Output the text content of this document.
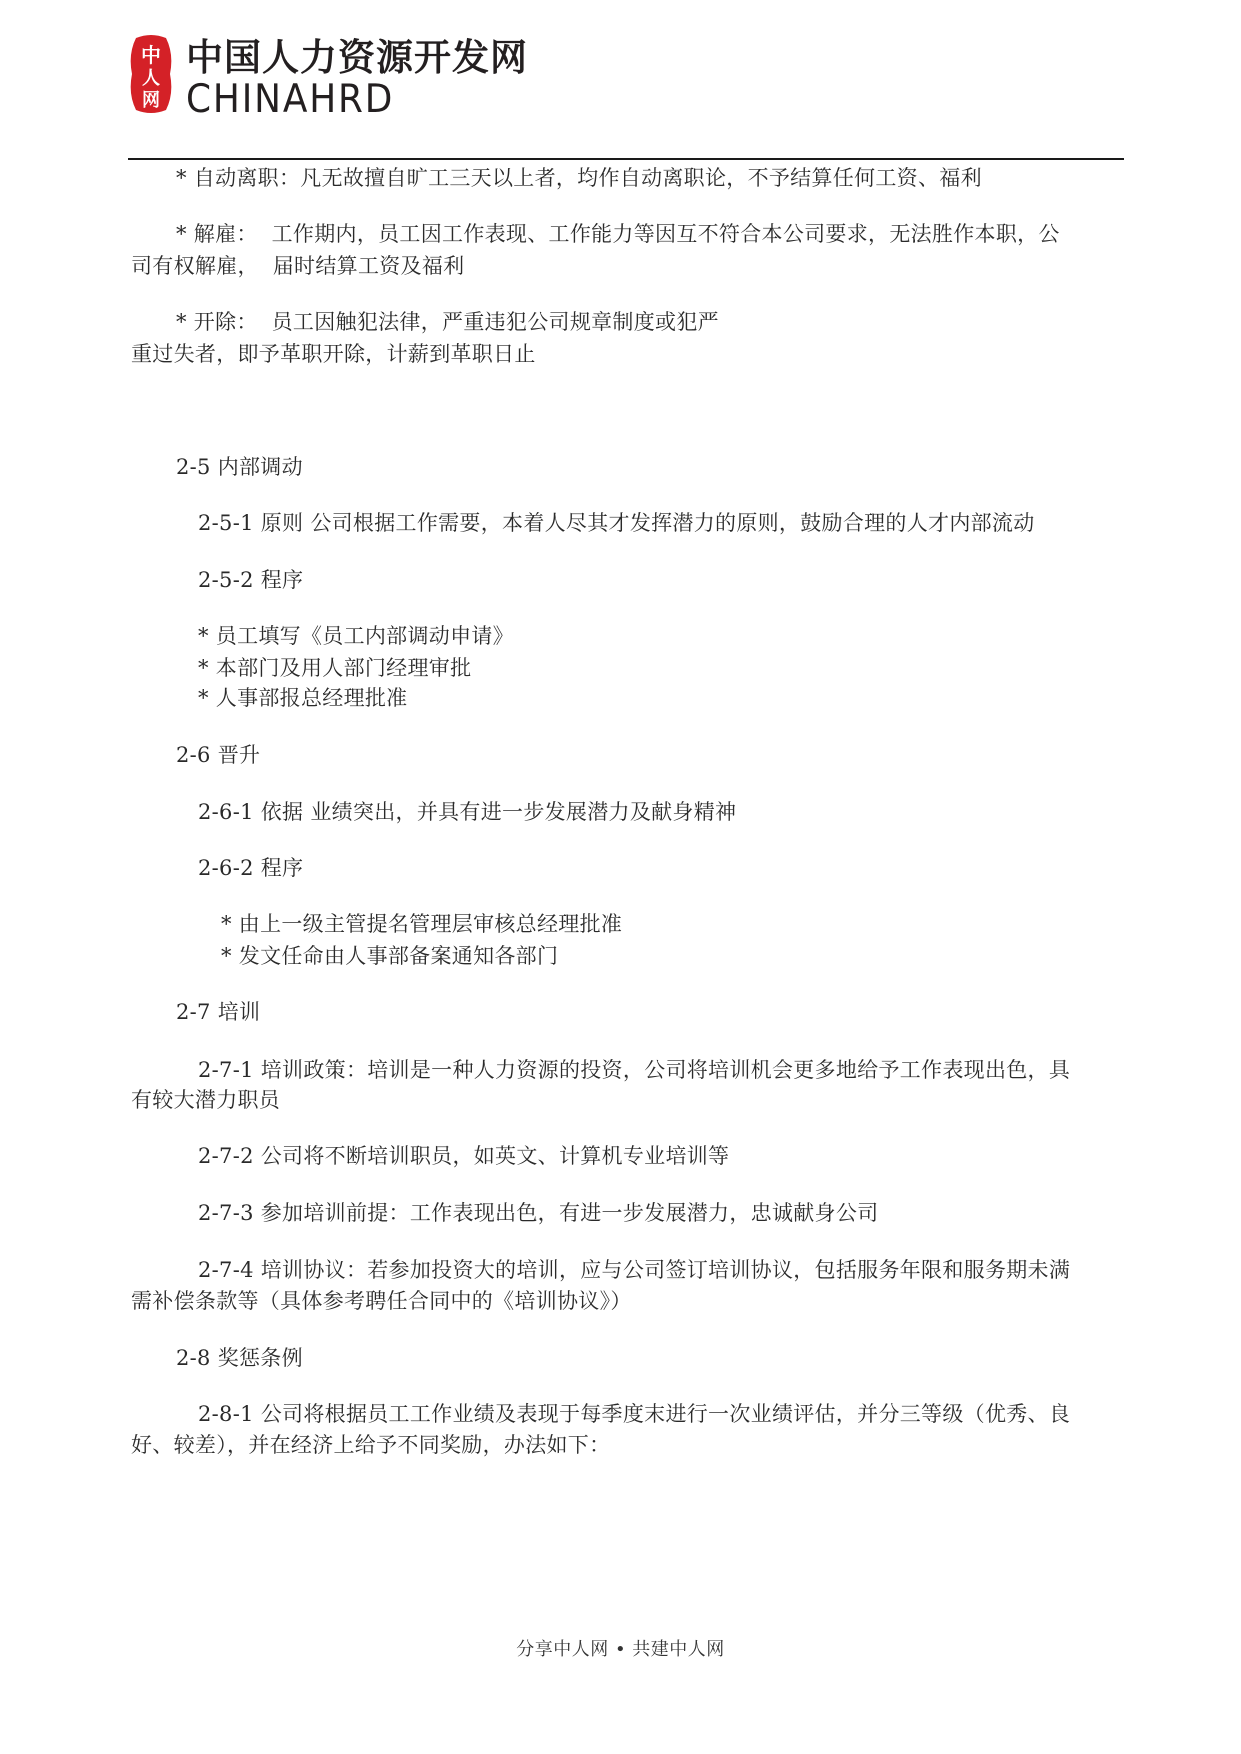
中
人
网
中国人力资源开发网
CHINAHRD

* 自动离职：凡无故擅自旷工三天以上者，均作自动离职论，不予结算任何工资、福利

* 解雇：  工作期内，员工因工作表现、工作能力等因互不符合本公司要求，无法胜作本职，公

司有权解雇，  届时结算工资及福利

* 开除：  员工因触犯法律，严重违犯公司规章制度或犯严

重过失者，即予革职开除，计薪到革职日止

2-5 内部调动

2-5-1 原则 公司根据工作需要，本着人尽其才发挥潜力的原则，鼓励合理的人才内部流动

2-5-2 程序

* 员工填写《员工内部调动申请》

* 本部门及用人部门经理审批

* 人事部报总经理批准

2-6 晋升

2-6-1 依据 业绩突出，并具有进一步发展潜力及献身精神

2-6-2 程序

* 由上一级主管提名管理层审核总经理批准

* 发文任命由人事部备案通知各部门

2-7 培训

2-7-1 培训政策：培训是一种人力资源的投资，公司将培训机会更多地给予工作表现出色，具

有较大潜力职员

2-7-2 公司将不断培训职员，如英文、计算机专业培训等

2-7-3 参加培训前提：工作表现出色，有进一步发展潜力，忠诚献身公司

2-7-4 培训协议：若参加投资大的培训，应与公司签订培训协议，包括服务年限和服务期未满

需补偿条款等（具体参考聘任合同中的《培训协议》）

2-8 奖惩条例

2-8-1 公司将根据员工工作业绩及表现于每季度末进行一次业绩评估，并分三等级（优秀、良

好、较差），并在经济上给予不同奖励，办法如下：

分享中人网 • 共建中人网
